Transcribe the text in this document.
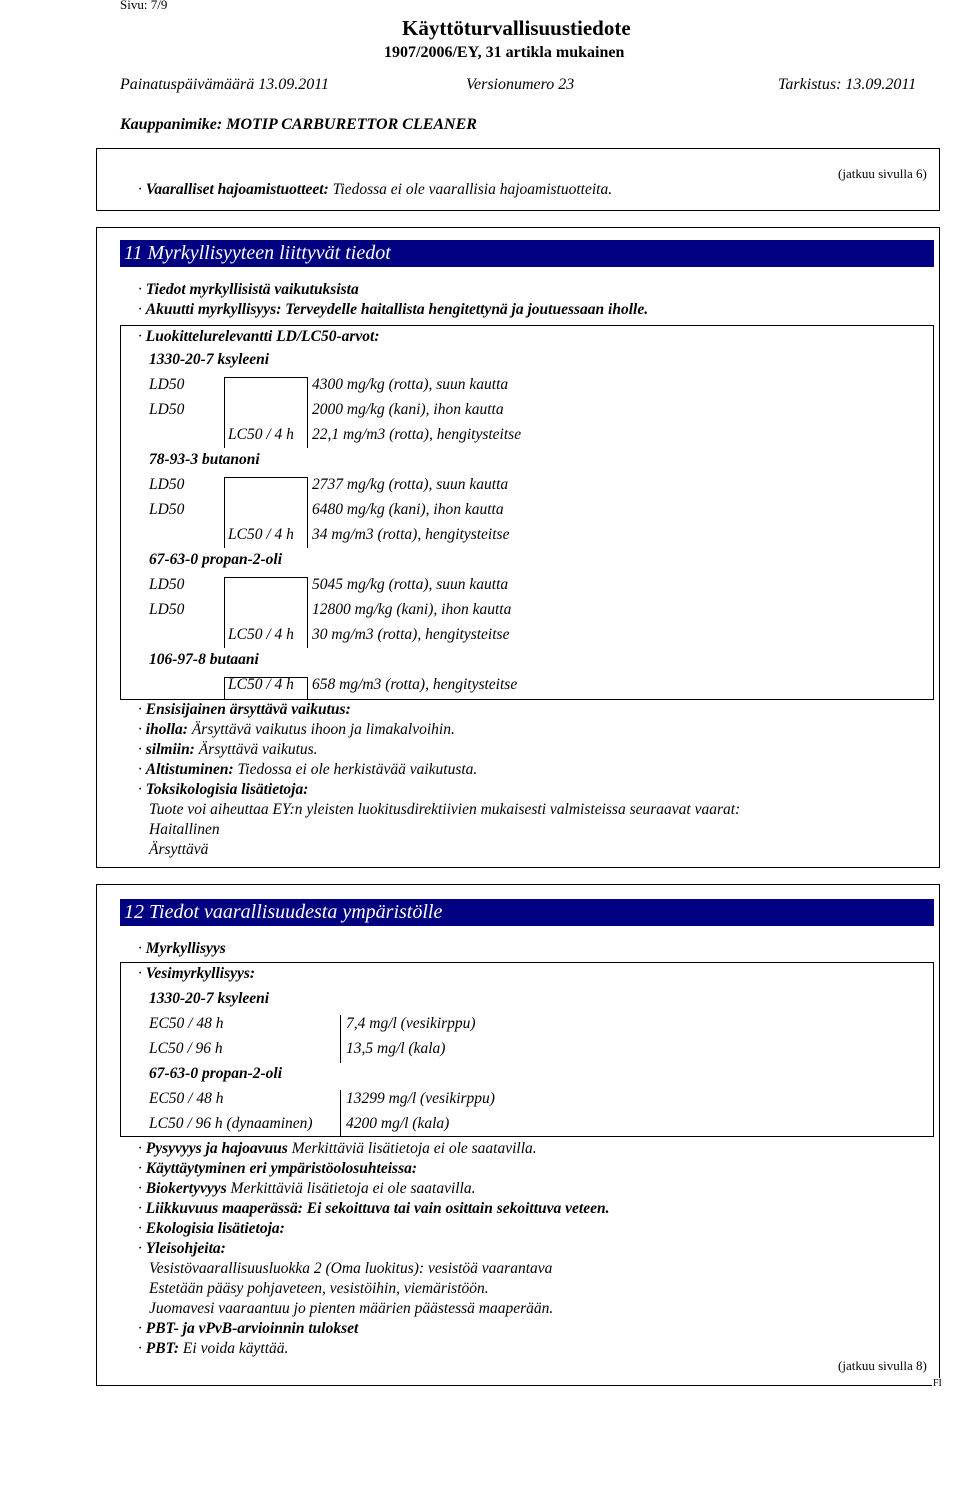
Sivu: 7/9
Käyttöturvallisuustiedote
1907/2006/EY, 31 artikla mukainen
Painatuspäivämäärä 13.09.2011	Versionumero 23	Tarkistus: 13.09.2011
Kauppanimike: MOTIP CARBURETTOR CLEANER
(jatkuu sivulla 6)
· Vaaralliset hajoamistuotteet: Tiedossa ei ole vaarallisia hajoamistuotteita.
11 Myrkyllisyyteen liittyvät tiedot
· Tiedot myrkyllisistä vaikutuksista
· Akuutti myrkyllisyys: Terveydelle haitallista hengitettynä ja joutuessaan iholle.
· Luokittelurelevantti LD/LC50-arvot:
1330-20-7 ksyleeni
LD50	4300 mg/kg (rotta), suun kautta
LD50	2000 mg/kg (kani), ihon kautta
LC50 / 4 h 22,1 mg/m3 (rotta), hengitysteitse
78-93-3 butanoni
LD50	2737 mg/kg (rotta), suun kautta
LD50	6480 mg/kg (kani), ihon kautta
LC50 / 4 h 34 mg/m3 (rotta), hengitysteitse
67-63-0 propan-2-oli
LD50	5045 mg/kg (rotta), suun kautta
LD50	12800 mg/kg (kani), ihon kautta
LC50 / 4 h 30 mg/m3 (rotta), hengitysteitse
106-97-8 butaani
LC50 / 4 h 658 mg/m3 (rotta), hengitysteitse
· Ensisijainen ärsyttävä vaikutus:
· iholla: Ärsyttävä vaikutus ihoon ja limakalvoihin.
· silmiin: Ärsyttävä vaikutus.
· Altistuminen: Tiedossa ei ole herkistävää vaikutusta.
· Toksikologisia lisätietoja:
Tuote voi aiheuttaa EY:n yleisten luokitusdirektiivien mukaisesti valmisteissa seuraavat vaarat:
Haitallinen
Ärsyttävä
12 Tiedot vaarallisuudesta ympäristölle
· Myrkyllisyys
· Vesimyrkyllisyys:
1330-20-7 ksyleeni
EC50 / 48 h	7,4 mg/l (vesikirppu)
LC50 / 96 h	13,5 mg/l (kala)
67-63-0 propan-2-oli
EC50 / 48 h	13299 mg/l (vesikirppu)
LC50 / 96 h (dynaaminen) 4200 mg/l (kala)
· Pysyvyys ja hajoavuus Merkittäviä lisätietoja ei ole saatavilla.
· Käyttäytyminen eri ympäristöolosuhteissa:
· Biokertyvyys Merkittäviä lisätietoja ei ole saatavilla.
· Liikkuvuus maaperässä: Ei sekoittuva tai vain osittain sekoittuva veteen.
· Ekologisia lisätietoja:
· Yleisohjeita:
Vesistövaarallisuusluokka 2 (Oma luokitus): vesistöä vaarantava
Estetään pääsy pohjaveteen, vesistöihin, viemäristöön.
Juomavesi vaaraantuu jo pienten määrien päästessä maaperään.
· PBT- ja vPvB-arvioinnin tulokset
· PBT: Ei voida käyttää.
(jatkuu sivulla 8)
FI
